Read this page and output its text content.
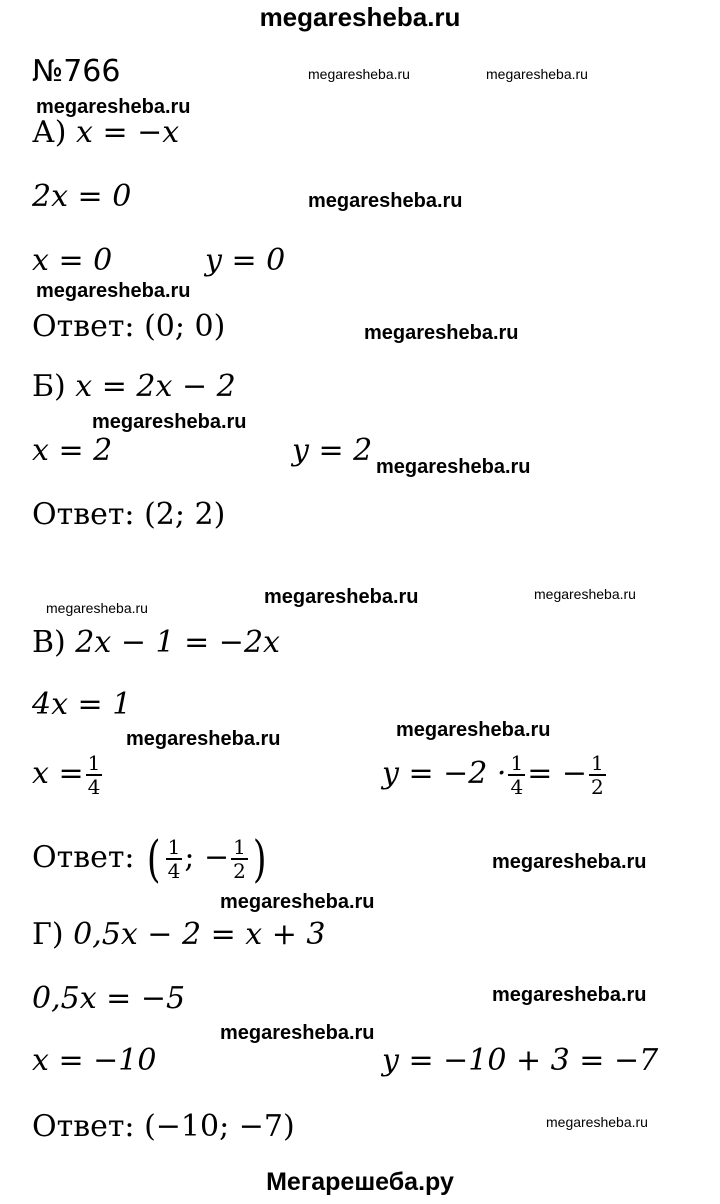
megaresheba.ru
№766
А) x = −x
2x = 0
x = 0	y = 0
Ответ: (0; 0)
Б) x = 2x − 2
x = 2	y = 2
Ответ: (2; 2)
В) 2x − 1 = −2x
4x = 1
$x = \frac{1}{4}$	$y = -2 \cdot \frac{1}{4}$ = − $\frac{1}{2}$
Ответ: ( $\frac{1}{4}$ ; − $\frac{1}{2}$ )
Г) 0,5x − 2 = x + 3
0,5x = −5
x = −10	y = −10 + 3 = −7
Ответ: (−10; −7)
megaresheba.ru	megaresheba.ru
megaresheba.ru
megaresheba.ru
megaresheba.ru
megaresheba.ru
megaresheba.ru
megaresheba.ru
megaresheba.ru	megaresheba.ru	megaresheba.ru
megaresheba.ru
megaresheba.ru
megaresheba.ru
megaresheba.ru
megaresheba.ru
megaresheba.ru
megaresheba.ru
Мегарешеба.ру
